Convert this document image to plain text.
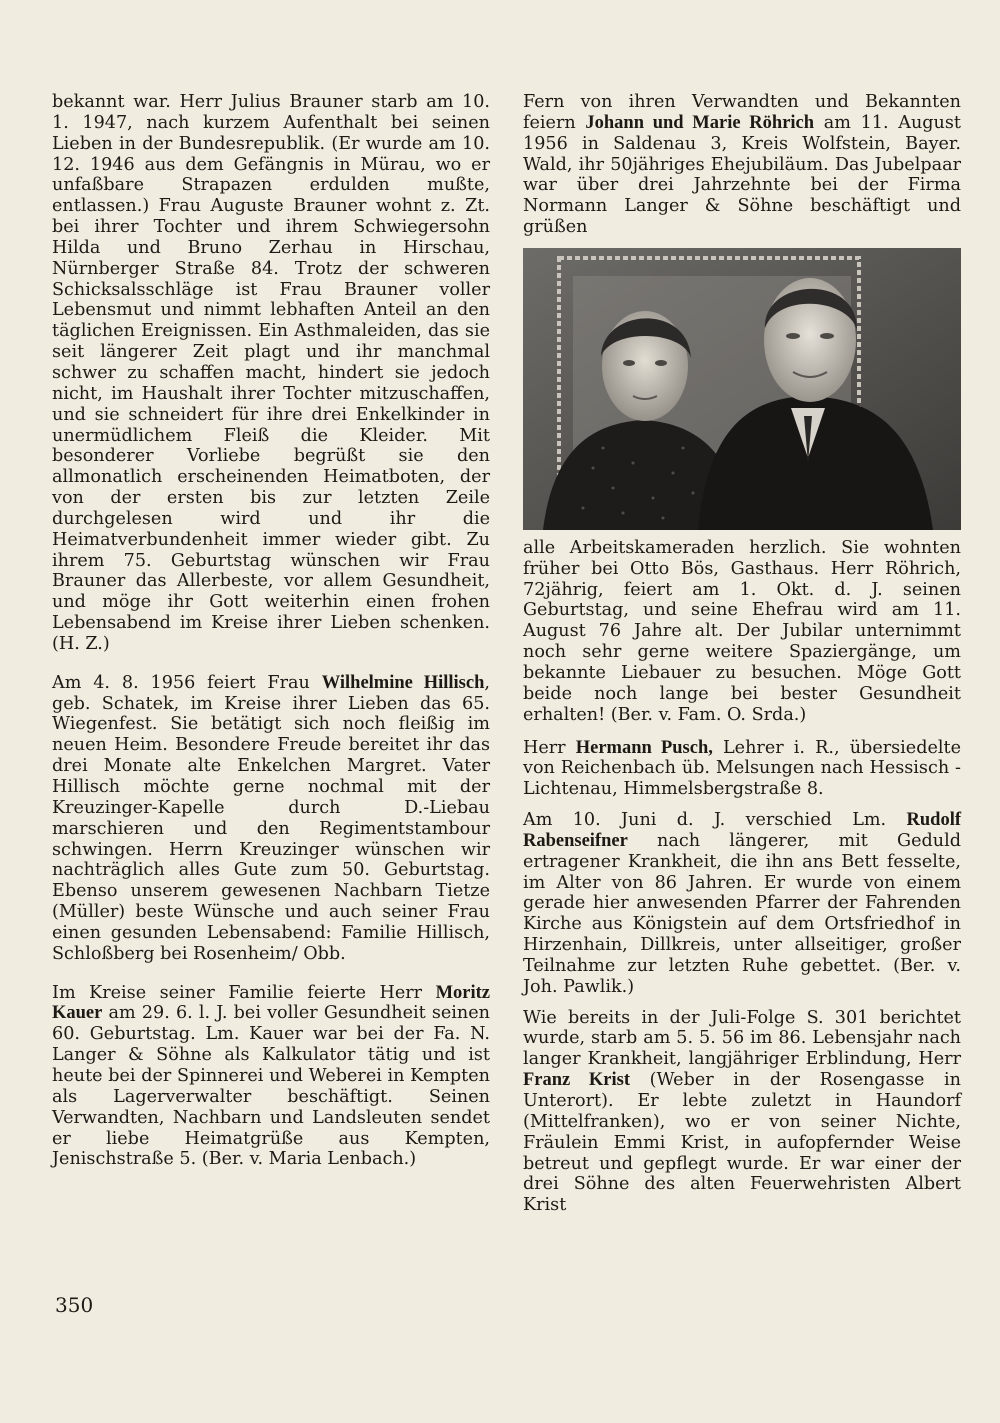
bekannt war. Herr Julius Brauner starb am 10. 1. 1947, nach kurzem Aufenthalt bei seinen Lieben in der Bundesrepublik. (Er wurde am 10. 12. 1946 aus dem Gefängnis in Mürau, wo er unfaßbare Strapazen erdulden mußte, entlassen.) Frau Auguste Brauner wohnt z. Zt. bei ihrer Tochter und ihrem Schwiegersohn Hilda und Bruno Zerhau in Hirschau, Nürnberger Straße 84. Trotz der schweren Schicksalsschläge ist Frau Brauner voller Lebensmut und nimmt lebhaften Anteil an den täglichen Ereignissen. Ein Asthmaleiden, das sie seit längerer Zeit plagt und ihr manchmal schwer zu schaffen macht, hindert sie jedoch nicht, im Haushalt ihrer Tochter mitzuschaffen, und sie schneidert für ihre drei Enkelkinder in unermüdlichem Fleiß die Kleider. Mit besonderer Vorliebe begrüßt sie den allmonatlich erscheinenden Heimatboten, der von der ersten bis zur letzten Zeile durchgelesen wird und ihr die Heimatverbundenheit immer wieder gibt. Zu ihrem 75. Geburtstag wünschen wir Frau Brauner das Allerbeste, vor allem Gesundheit, und möge ihr Gott weiterhin einen frohen Lebensabend im Kreise ihrer Lieben schenken. (H. Z.)

Am 4. 8. 1956 feiert Frau Wilhelmine Hillisch, geb. Schatek, im Kreise ihrer Lieben das 65. Wiegenfest. Sie betätigt sich noch fleißig im neuen Heim. Besondere Freude bereitet ihr das drei Monate alte Enkelchen Margret. Vater Hillisch möchte gerne nochmal mit der Kreuzinger-Kapelle durch D.-Liebau marschieren und den Regimentstambour schwingen. Herrn Kreuzinger wünschen wir nachträglich alles Gute zum 50. Geburtstag. Ebenso unserem gewesenen Nachbarn Tietze (Müller) beste Wünsche und auch seiner Frau einen gesunden Lebensabend: Familie Hillisch, Schloßberg bei Rosenheim/ Obb.

Im Kreise seiner Familie feierte Herr Moritz Kauer am 29. 6. l. J. bei voller Gesundheit seinen 60. Geburtstag. Lm. Kauer war bei der Fa. N. Langer & Söhne als Kalkulator tätig und ist heute bei der Spinnerei und Weberei in Kempten als Lagerverwalter beschäftigt. Seinen Verwandten, Nachbarn und Landsleuten sendet er liebe Heimatgrüße aus Kempten, Jenischstraße 5. (Ber. v. Maria Lenbach.)

Fern von ihren Verwandten und Bekannten feiern Johann und Marie Röhrich am 11. August 1956 in Saldenau 3, Kreis Wolfstein, Bayer. Wald, ihr 50jähriges Ehejubiläum. Das Jubelpaar war über drei Jahrzehnte bei der Firma Normann Langer & Söhne beschäftigt und grüßen

alle Arbeitskameraden herzlich. Sie wohnten früher bei Otto Bös, Gasthaus. Herr Röhrich, 72jährig, feiert am 1. Okt. d. J. seinen Geburtstag, und seine Ehefrau wird am 11. August 76 Jahre alt. Der Jubilar unternimmt noch sehr gerne weitere Spaziergänge, um bekannte Liebauer zu besuchen. Möge Gott beide noch lange bei bester Gesundheit erhalten! (Ber. v. Fam. O. Srda.)

Herr Hermann Pusch, Lehrer i. R., übersiedelte von Reichenbach üb. Melsungen nach Hessisch - Lichtenau, Himmelsbergstraße 8.

Am 10. Juni d. J. verschied Lm. Rudolf Rabenseifner nach längerer, mit Geduld ertragener Krankheit, die ihn ans Bett fesselte, im Alter von 86 Jahren. Er wurde von einem gerade hier anwesenden Pfarrer der Fahrenden Kirche aus Königstein auf dem Ortsfriedhof in Hirzenhain, Dillkreis, unter allseitiger, großer Teilnahme zur letzten Ruhe gebettet. (Ber. v. Joh. Pawlik.)

Wie bereits in der Juli-Folge S. 301 berichtet wurde, starb am 5. 5. 56 im 86. Lebensjahr nach langer Krankheit, langjähriger Erblindung, Herr Franz Krist (Weber in der Rosengasse in Unterort). Er lebte zuletzt in Haundorf (Mittelfranken), wo er von seiner Nichte, Fräulein Emmi Krist, in aufopfernder Weise betreut und gepflegt wurde. Er war einer der drei Söhne des alten Feuerwehristen Albert Krist

350
